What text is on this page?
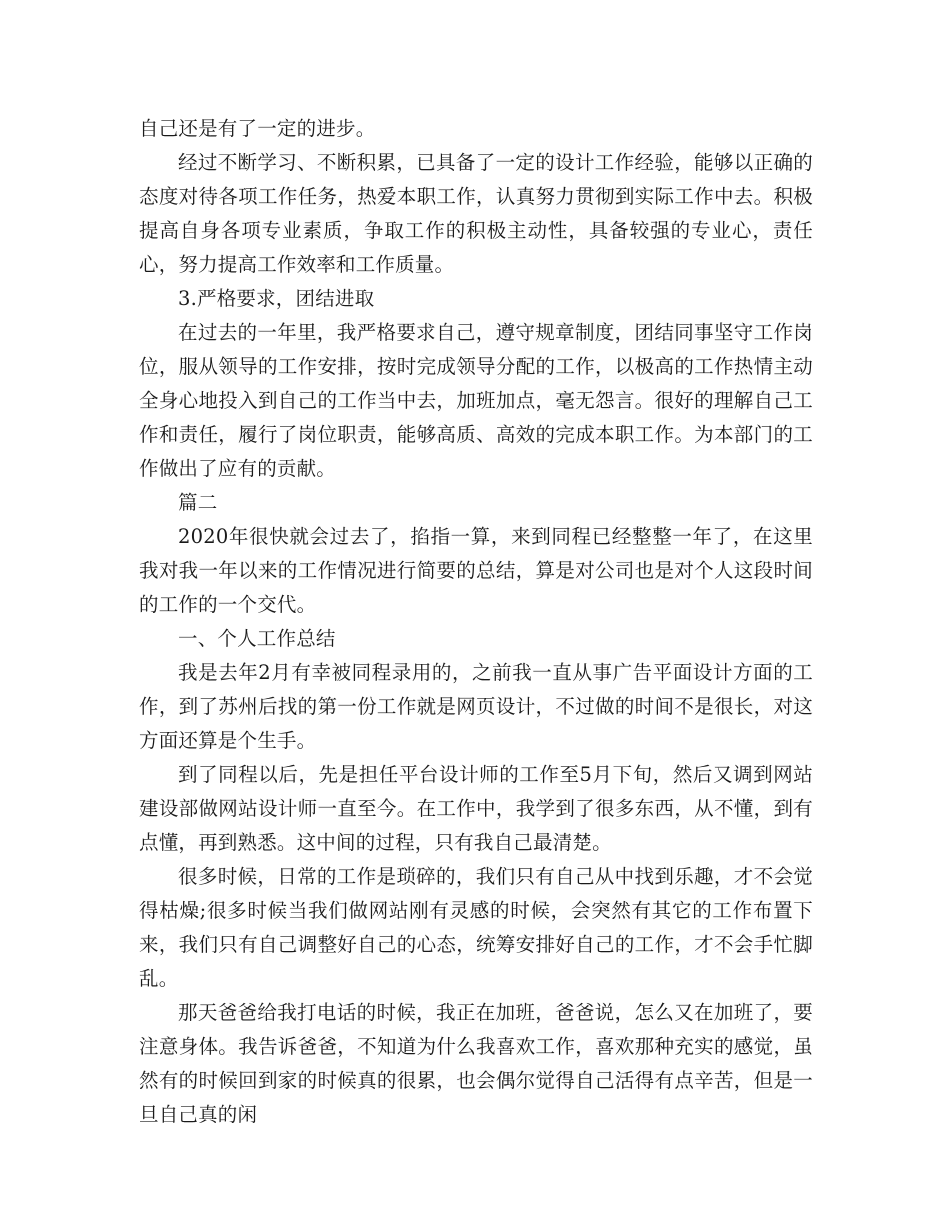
自己还是有了一定的进步。

经过不断学习、不断积累，已具备了一定的设计工作经验，能够以正确的态度对待各项工作任务，热爱本职工作，认真努力贯彻到实际工作中去。积极提高自身各项专业素质，争取工作的积极主动性，具备较强的专业心，责任心，努力提高工作效率和工作质量。

3.严格要求，团结进取

在过去的一年里，我严格要求自己，遵守规章制度，团结同事坚守工作岗位，服从领导的工作安排，按时完成领导分配的工作，以极高的工作热情主动全身心地投入到自己的工作当中去，加班加点，毫无怨言。很好的理解自己工作和责任，履行了岗位职责，能够高质、高效的完成本职工作。为本部门的工作做出了应有的贡献。

篇二

2020年很快就会过去了，掐指一算，来到同程已经整整一年了，在这里我对我一年以来的工作情况进行简要的总结，算是对公司也是对个人这段时间的工作的一个交代。

一、个人工作总结

我是去年2月有幸被同程录用的，之前我一直从事广告平面设计方面的工作，到了苏州后找的第一份工作就是网页设计，不过做的时间不是很长，对这方面还算是个生手。

到了同程以后，先是担任平台设计师的工作至5月下旬，然后又调到网站建设部做网站设计师一直至今。在工作中，我学到了很多东西，从不懂，到有点懂，再到熟悉。这中间的过程，只有我自己最清楚。

很多时候，日常的工作是琐碎的，我们只有自己从中找到乐趣，才不会觉得枯燥;很多时候当我们做网站刚有灵感的时候，会突然有其它的工作布置下来，我们只有自己调整好自己的心态，统筹安排好自己的工作，才不会手忙脚乱。

那天爸爸给我打电话的时候，我正在加班，爸爸说，怎么又在加班了，要注意身体。我告诉爸爸，不知道为什么我喜欢工作，喜欢那种充实的感觉，虽然有的时候回到家的时候真的很累，也会偶尔觉得自己活得有点辛苦，但是一旦自己真的闲
